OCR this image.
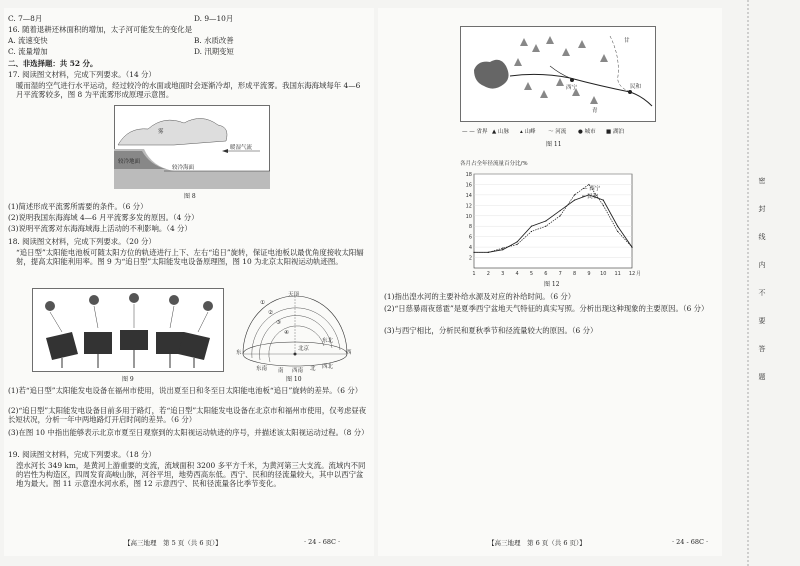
C. 7—8月	D. 9—10月
16. 随着退耕还林面积的增加，太子河可能发生的变化是
A. 流速变快	B. 水质改善
C. 流量增加	D. 汛期变短
二、非选择题：共 52 分。
17. 阅读图文材料，完成下列要求。（14 分）
暖而湿的空气进行水平运动，经过较冷的水面或地面时会逐渐冷却，形成平流雾。我国东海海域每年 4—6 月平流雾较多，图 8 为平流雾形成原理示意图。
雾
暖湿气流
较冷地面
较冷海面
图 8
(1)简述形成平流雾所需要的条件。（6 分）
(2)说明我国东海海域 4—6 月平流雾多发的原因。（4 分）
(3)说明平流雾对东海海域海上活动的不利影响。（4 分）
18. 阅读图文材料，完成下列要求。（20 分）
“追日型”太阳能电池板可随太阳方位的轨迹进行上下、左右“追日”旋转，保证电池板以最优角度接收太阳辐射，提高太阳能利用率。图 9 为“追日型”太阳能发电设备原理图，图 10 为北京太阳视运动轨迹图。
图 9
天顶
①
②
③
④
东	西
北京
东南 南 西南 北 西北
东北
图 10
(1)若“追日型”太阳能发电设备在福州市使用，说出夏至日和冬至日太阳能电池板“追日”旋转的差异。（6 分）
(2)“追日型”太阳能发电设备目前多用于路灯，若“追日型”太阳能发电设备在北京市和福州市使用，仅考虑昼夜长短状况，分析一年中两地路灯开启时间的差异。（6 分）
(3)在图 10 中指出能够表示北京市夏至日观察到的太阳视运动轨迹的序号，并描述该太阳视运动过程。（8 分）
19. 阅读图文材料，完成下列要求。（18 分）
湟水河长 349 km，是黄河上游重要的支流，流域面积 3200 多平方千米，为黄河第三大支流。流域内不同的岩性为构造区，四周发育高峻山脉，河谷平坦，地势西高东低。西宁、民和的径流量较大，其中以西宁盆地为最大。图 11 示意湟水河水系，图 12 示意西宁、民和径流量各比季节变化。
【高三地理　第 5 页（共 6 页）】	· 24 - 68C ·
西宁	民和
甘
青
— — 省界 ▲ 山脉 ▴ 山峰 ～ 河流 ● 城市 ■ 湖泊
图 11
各月占全年径流量百分比/%
2
4
6
8
10
12
14
16
18
1 2 3 4 5 6 7 8 9 10 11 12 月
— 西宁
┅ 民和
图 12
(1)指出湟水河的主要补给水源及对应的补给时间。（6 分）
(2)“日慈暴雨夜慈雹”是夏季西宁盆地天气特征的真实写照。分析出现这种现象的主要原因。（6 分）
(3)与西宁相比，分析民和夏秋季节和径流量较大的原因。（6 分）
【高三地理　第 6 页（共 6 页）】	· 24 - 68C ·
密
封
线
内
不
要
答
题
